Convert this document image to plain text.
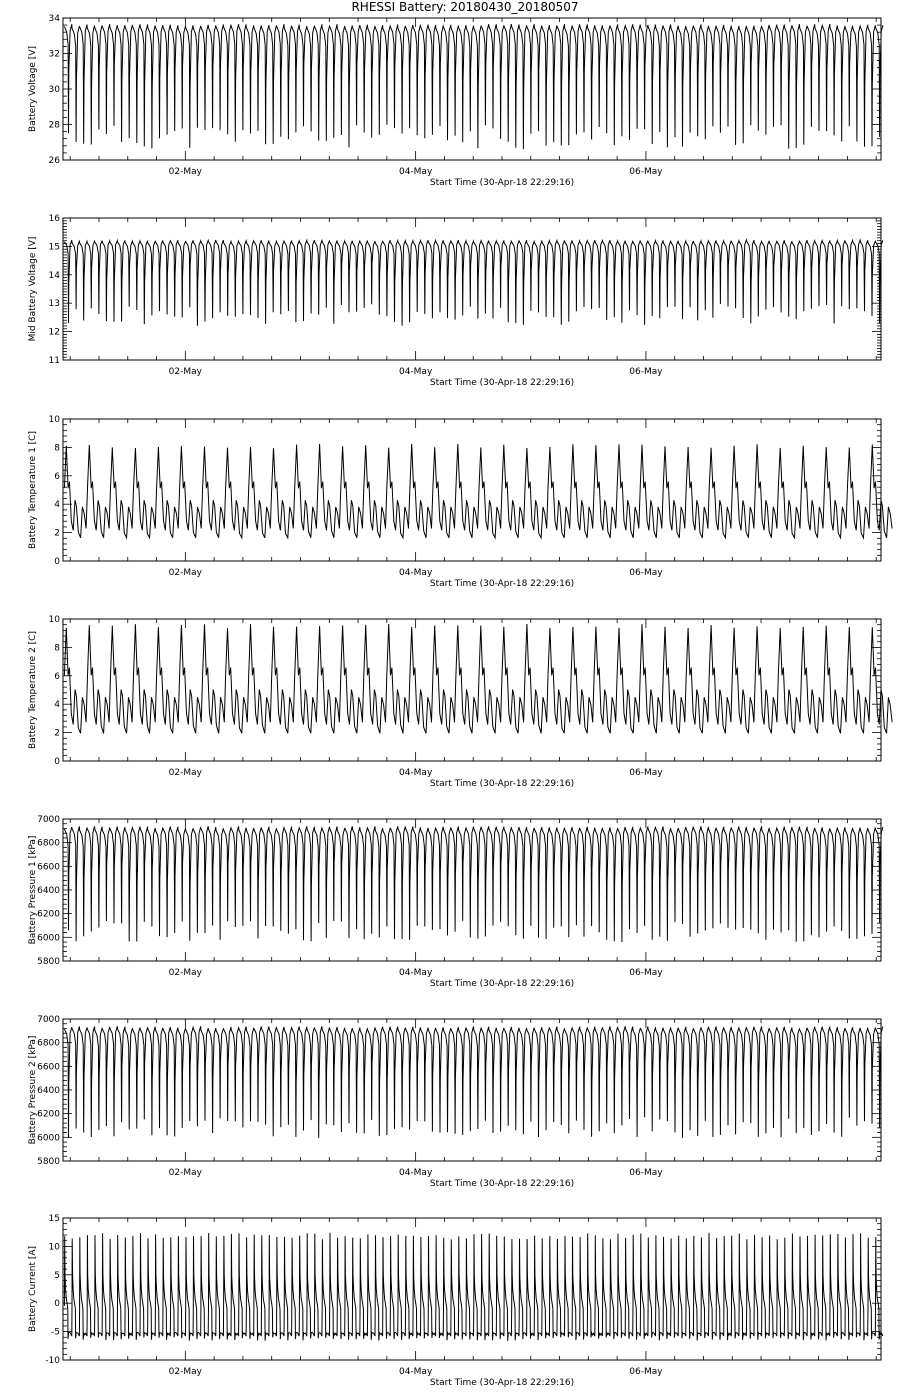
RHESSI Battery: 20180430_20180507
26
28
30
32
34
02-May	04-May	06-May
Start Time (30-Apr-18 22:29:16)
Battery Voltage [V]
11
12
13
14
15
16
02-May	04-May	06-May
Start Time (30-Apr-18 22:29:16)
Mid Battery Voltage [V]
0
2
4
6
8
10
02-May	04-May	06-May
Start Time (30-Apr-18 22:29:16)
Battery Temperature 1 [C]
0
2
4
6
8
10
02-May	04-May	06-May
Start Time (30-Apr-18 22:29:16)
Battery Temperature 2 [C]
5800
6000
6200
6400
6600
6800
7000
02-May	04-May	06-May
Start Time (30-Apr-18 22:29:16)
Battery Pressure 1 [kPa]
5800
6000
6200
6400
6600
6800
7000
02-May	04-May	06-May
Start Time (30-Apr-18 22:29:16)
Battery Pressure 2 [kPa]
-10
-5
0
5
10
15
02-May	04-May	06-May
Start Time (30-Apr-18 22:29:16)
Battery Current [A]
